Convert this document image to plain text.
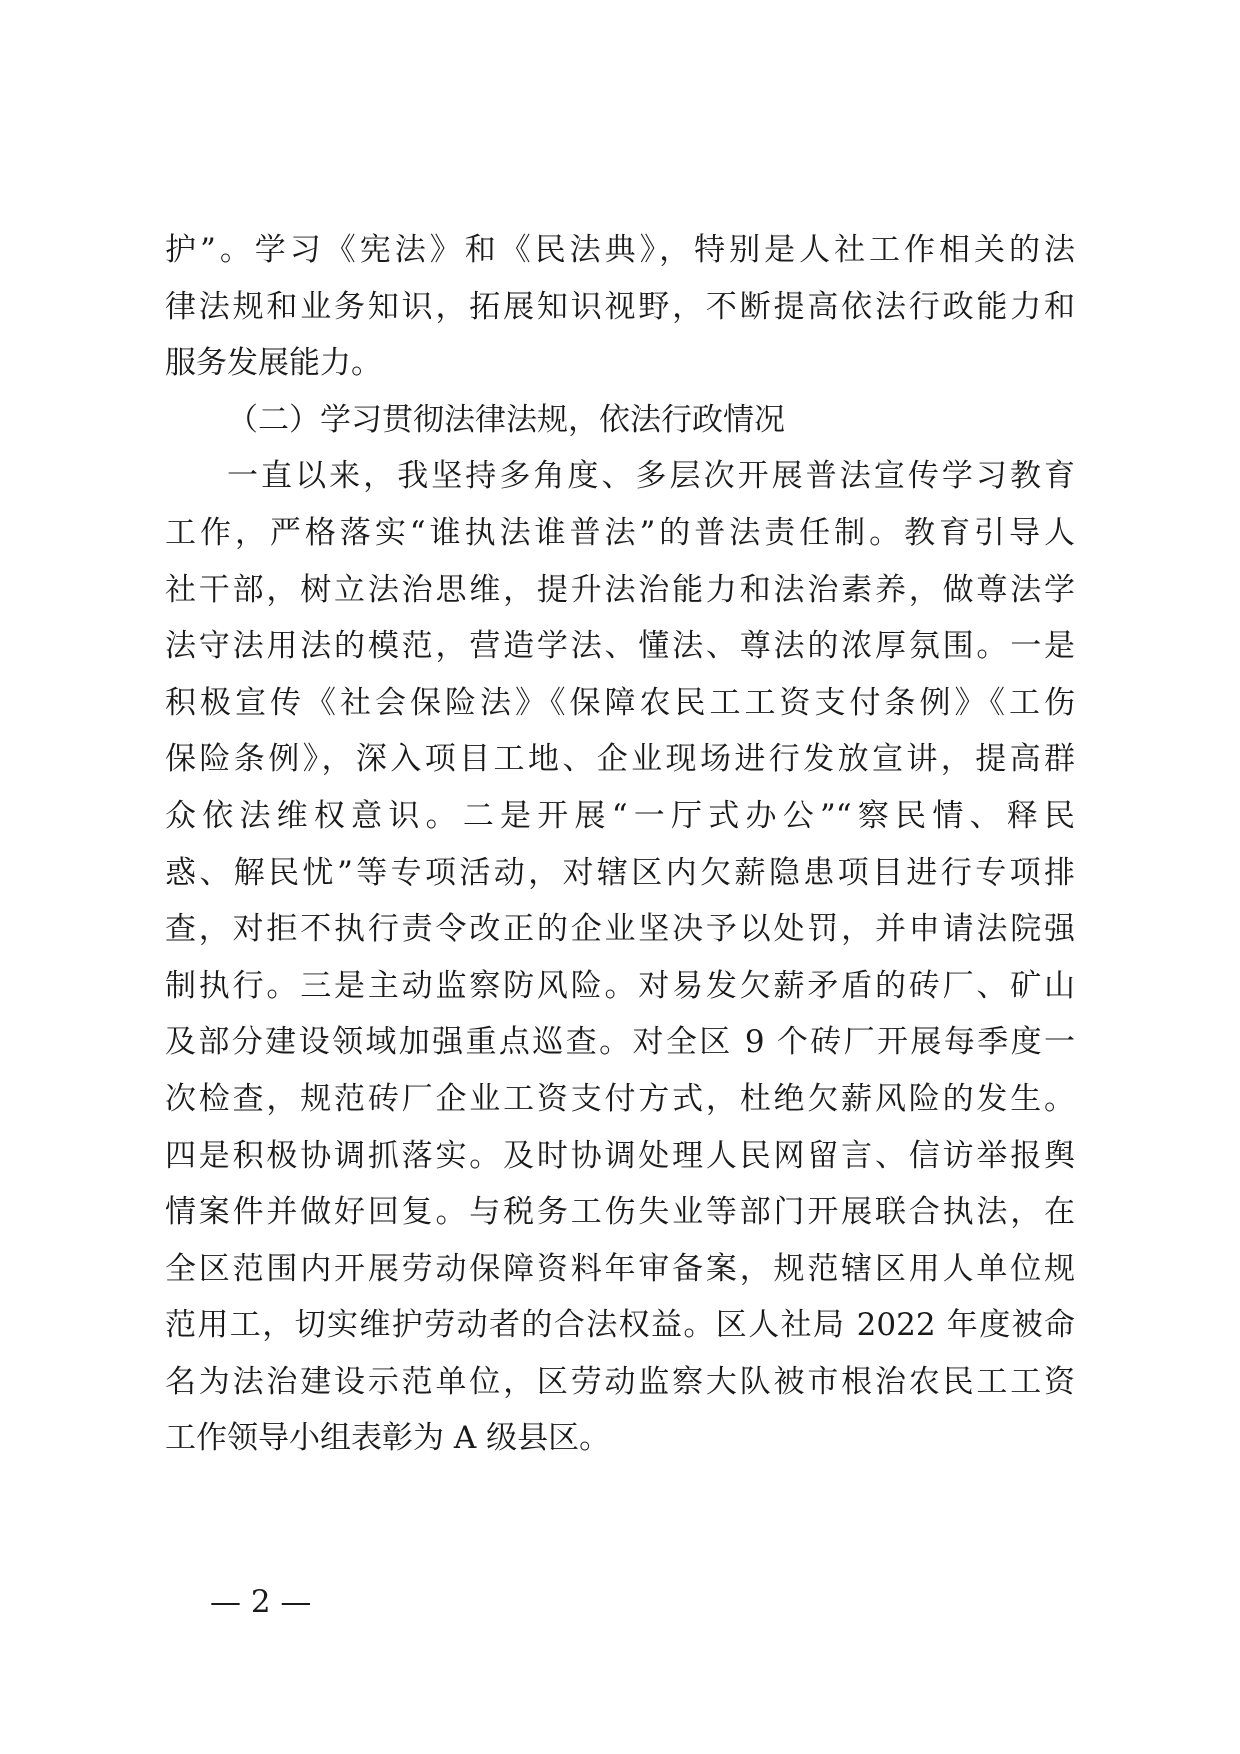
护”。学习《宪法》和《民法典》，特别是人社工作相关的法
律法规和业务知识，拓展知识视野，不断提高依法行政能力和
服务发展能力。
（二）学习贯彻法律法规，依法行政情况
一直以来，我坚持多角度、多层次开展普法宣传学习教育
工作，严格落实“谁执法谁普法”的普法责任制。教育引导人
社干部，树立法治思维，提升法治能力和法治素养，做尊法学
法守法用法的模范，营造学法、懂法、尊法的浓厚氛围。一是
积极宣传《社会保险法》《保障农民工工资支付条例》《工伤
保险条例》，深入项目工地、企业现场进行发放宣讲，提高群
众依法维权意识。二是开展“一厅式办公”“察民情、释民
惑、解民忧”等专项活动，对辖区内欠薪隐患项目进行专项排
查，对拒不执行责令改正的企业坚决予以处罚，并申请法院强
制执行。三是主动监察防风险。对易发欠薪矛盾的砖厂、矿山
及部分建设领域加强重点巡查。对全区 9 个砖厂开展每季度一
次检查，规范砖厂企业工资支付方式，杜绝欠薪风险的发生。
四是积极协调抓落实。及时协调处理人民网留言、信访举报舆
情案件并做好回复。与税务工伤失业等部门开展联合执法，在
全区范围内开展劳动保障资料年审备案，规范辖区用人单位规
范用工，切实维护劳动者的合法权益。区人社局 2022 年度被命
名为法治建设示范单位，区劳动监察大队被市根治农民工工资
工作领导小组表彰为 A 级县区。
— 2 —
